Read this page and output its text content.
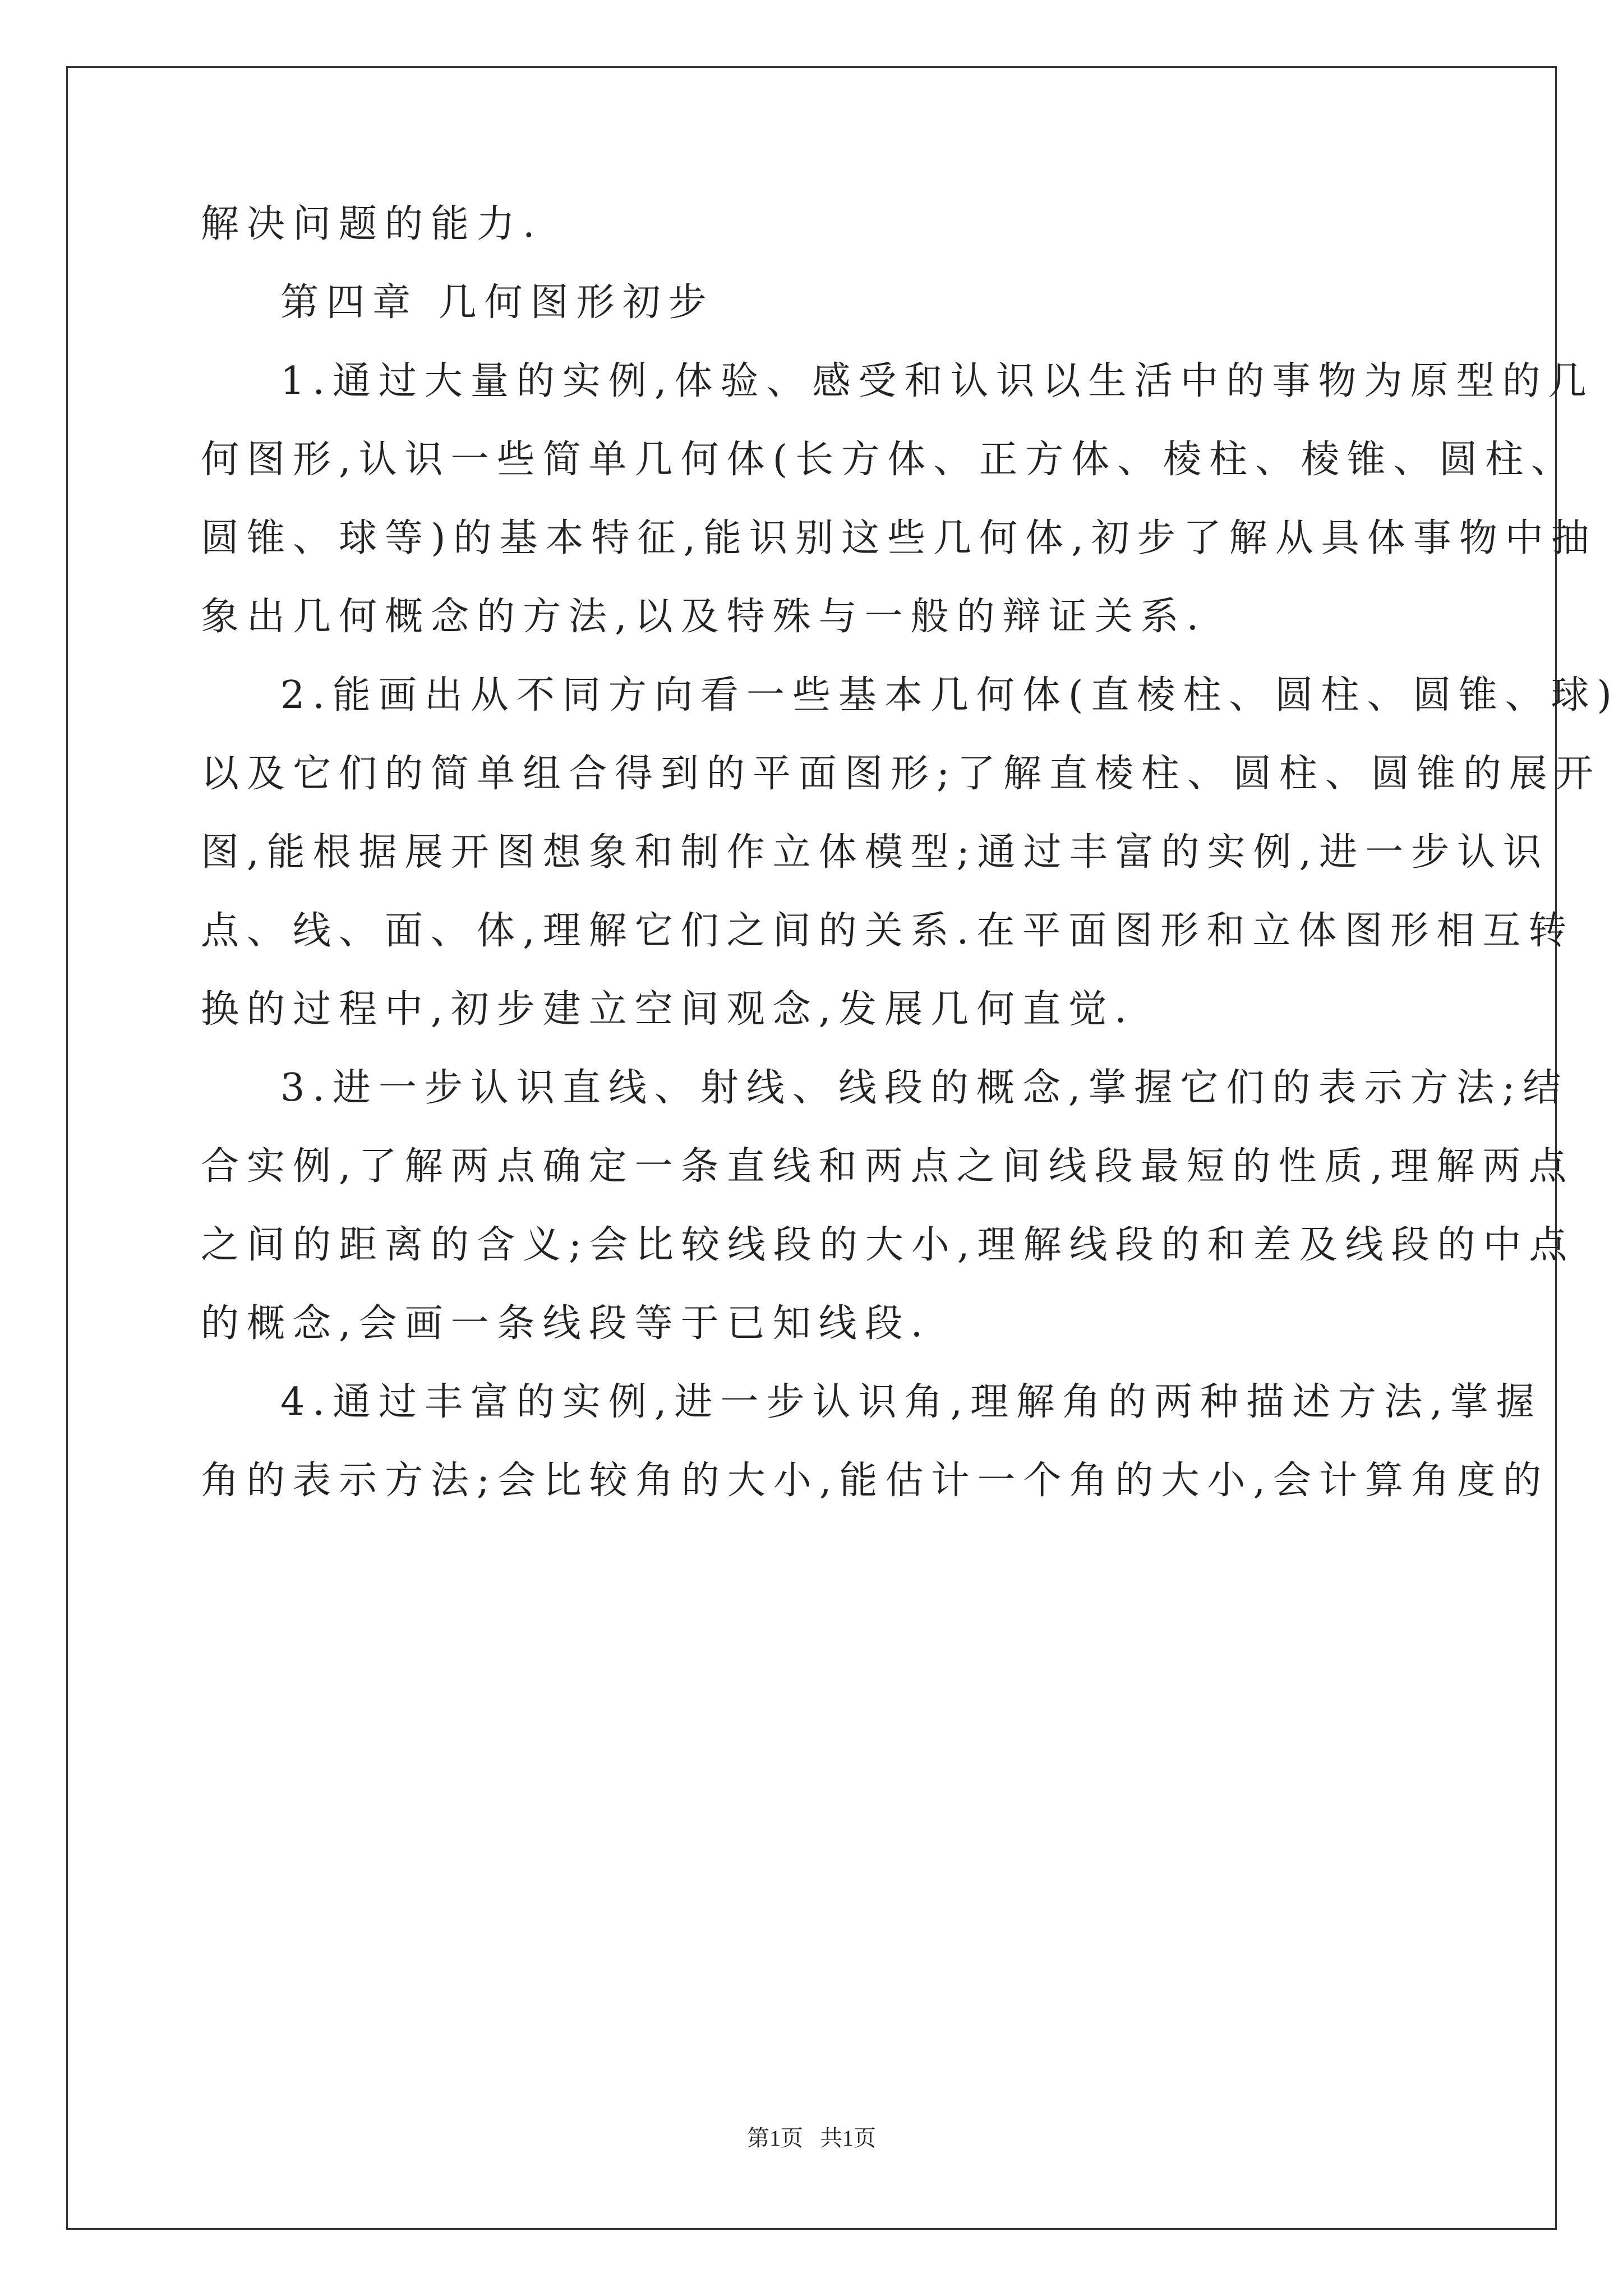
解决问题的能力.
第四章 几何图形初步
1.通过大量的实例,体验、感受和认识以生活中的事物为原型的几
何图形,认识一些简单几何体(长方体、正方体、棱柱、棱锥、圆柱、
圆锥、球等)的基本特征,能识别这些几何体,初步了解从具体事物中抽
象出几何概念的方法,以及特殊与一般的辩证关系.
2.能画出从不同方向看一些基本几何体(直棱柱、圆柱、圆锥、球)
以及它们的简单组合得到的平面图形;了解直棱柱、圆柱、圆锥的展开
图,能根据展开图想象和制作立体模型;通过丰富的实例,进一步认识
点、线、面、体,理解它们之间的关系.在平面图形和立体图形相互转
换的过程中,初步建立空间观念,发展几何直觉.
3.进一步认识直线、射线、线段的概念,掌握它们的表示方法;结
合实例,了解两点确定一条直线和两点之间线段最短的性质,理解两点
之间的距离的含义;会比较线段的大小,理解线段的和差及线段的中点
的概念,会画一条线段等于已知线段.
4.通过丰富的实例,进一步认识角,理解角的两种描述方法,掌握
角的表示方法;会比较角的大小,能估计一个角的大小,会计算角度的
第1页 共1页
